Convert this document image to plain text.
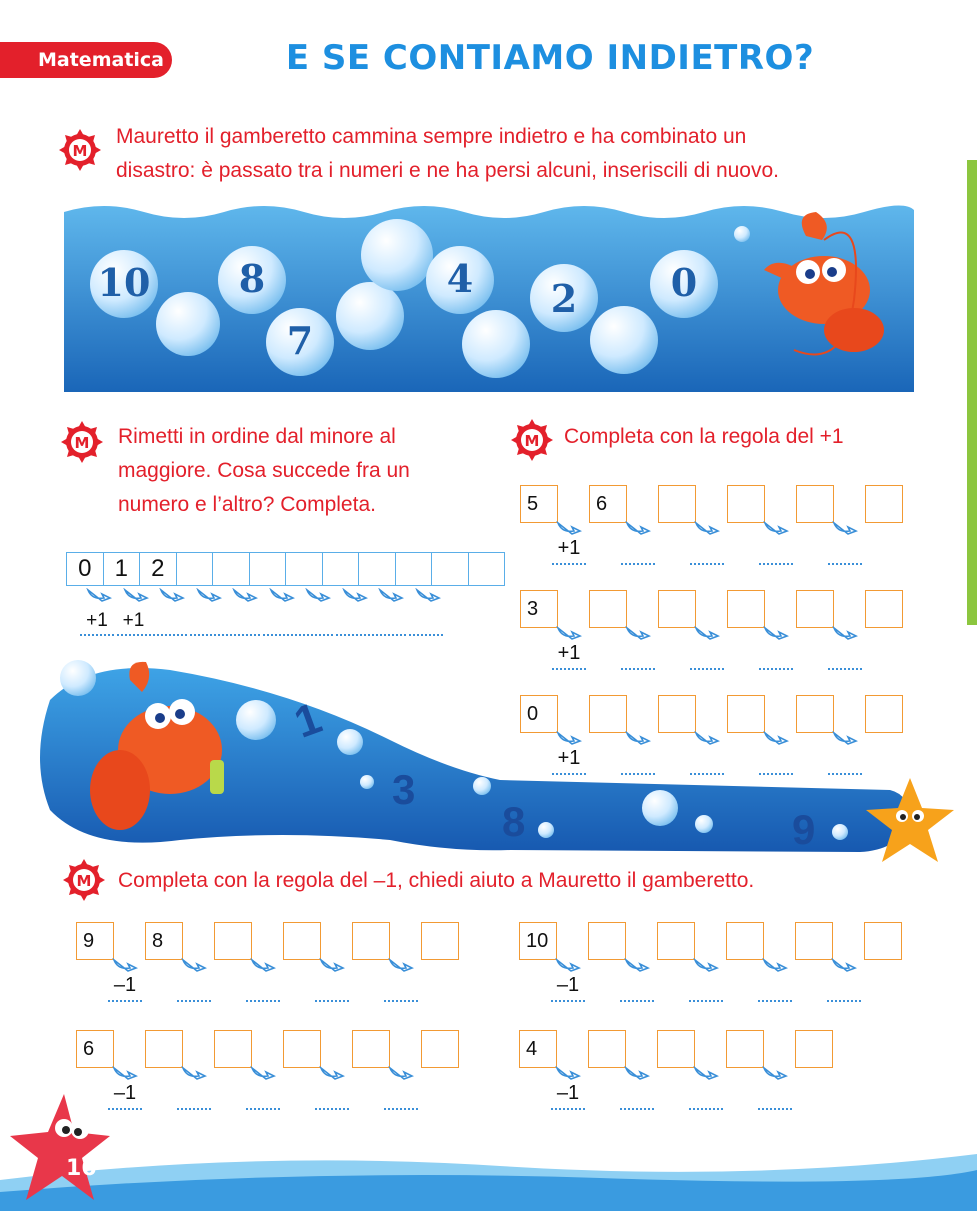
Matematica	E SE CONTIAMO INDIETRO?
M
Mauretto il gamberetto cammina sempre indietro e ha combinato un
disastro: è passato tra i numeri e ne ha persi alcuni, inseriscili di nuovo.
10	8
7
4	2	0
M Rimetti in ordine dal minore al
maggiore. Cosa succede fra un
numero e l’altro? Completa.
0 1 2
+1 +1
M Completa con la regola del +1
5	6
+1
3
+1
0
+1
1
3
8	9
M Completa con la regola del –1, chiedi aiuto a Mauretto il gamberetto.
9	8
–1
6
–1
10
–1
4
–1
16
